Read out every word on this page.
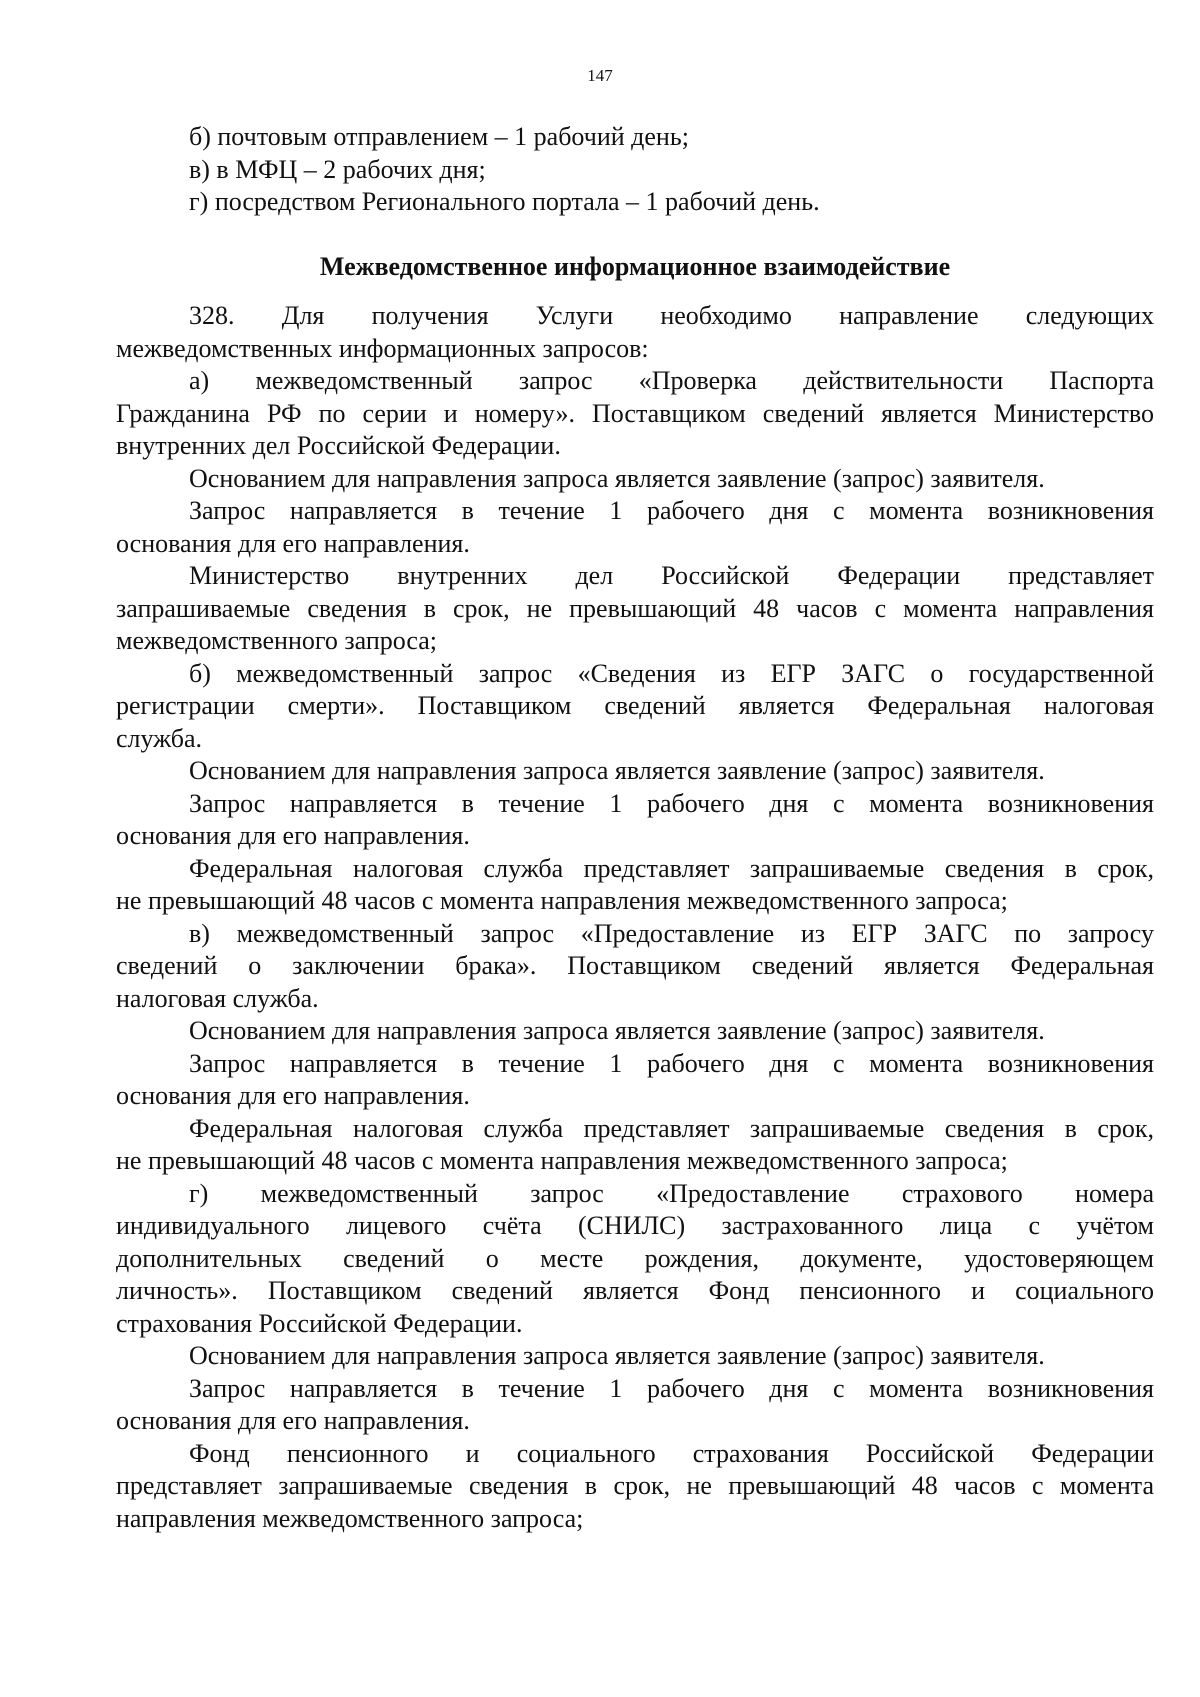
147
б) почтовым отправлением – 1 рабочий день;
в) в МФЦ – 2 рабочих дня;
г) посредством Регионального портала – 1 рабочий день.
Межведомственное информационное взаимодействие
328. Для получения Услуги необходимо направление следующих
межведомственных информационных запросов:
а) межведомственный запрос «Проверка действительности Паспорта
Гражданина РФ по серии и номеру». Поставщиком сведений является Министерство
внутренних дел Российской Федерации.
Основанием для направления запроса является заявление (запрос) заявителя.
Запрос направляется в течение 1 рабочего дня с момента возникновения
основания для его направления.
Министерство внутренних дел Российской Федерации представляет
запрашиваемые сведения в срок, не превышающий 48 часов с момента направления
межведомственного запроса;
б) межведомственный запрос «Сведения из ЕГР ЗАГС о государственной
регистрации смерти». Поставщиком сведений является Федеральная налоговая
служба.
Основанием для направления запроса является заявление (запрос) заявителя.
Запрос направляется в течение 1 рабочего дня с момента возникновения
основания для его направления.
Федеральная налоговая служба представляет запрашиваемые сведения в срок,
не превышающий 48 часов с момента направления межведомственного запроса;
в) межведомственный запрос «Предоставление из ЕГР ЗАГС по запросу
сведений о заключении брака». Поставщиком сведений является Федеральная
налоговая служба.
Основанием для направления запроса является заявление (запрос) заявителя.
Запрос направляется в течение 1 рабочего дня с момента возникновения
основания для его направления.
Федеральная налоговая служба представляет запрашиваемые сведения в срок,
не превышающий 48 часов с момента направления межведомственного запроса;
г) межведомственный запрос «Предоставление страхового номера
индивидуального лицевого счёта (СНИЛС) застрахованного лица с учётом
дополнительных сведений о месте рождения, документе, удостоверяющем
личность». Поставщиком сведений является Фонд пенсионного и социального
страхования Российской Федерации.
Основанием для направления запроса является заявление (запрос) заявителя.
Запрос направляется в течение 1 рабочего дня с момента возникновения
основания для его направления.
Фонд пенсионного и социального страхования Российской Федерации
представляет запрашиваемые сведения в срок, не превышающий 48 часов с момента
направления межведомственного запроса;
